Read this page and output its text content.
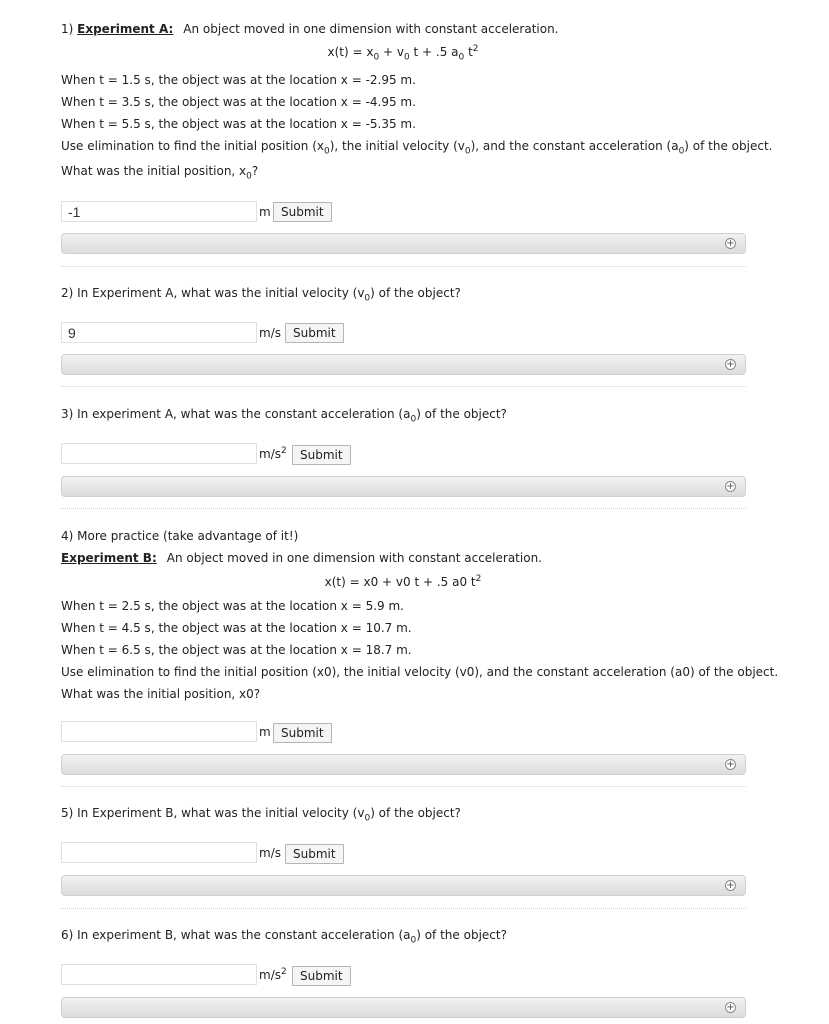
1) Experiment A: An object moved in one dimension with constant acceleration.
$x(t) = x_0 + v_0$ t + .5 $a_0$ $t^2$
When t = 1.5 s, the object was at the location x = -2.95 m.
When t = 3.5 s, the object was at the location x = -4.95 m.
When t = 5.5 s, the object was at the location x = -5.35 m.
Use elimination to find the initial position $(x_0)$, the initial velocity $(v_0)$, and the constant acceleration $(a_0)$ of the object.
What was the initial position, $x_0$?
-1
m Submit
+
2) In Experiment A, what was the initial velocity $(v_0)$ of the object?
9
m/s	Submit
+
3) In experiment A, what was the constant acceleration $(a_0)$ of the object?
$m/s^2$	Submit
+
4) More practice (take advantage of it!)
Experiment B: An object moved in one dimension with constant acceleration.
x(t) = x0 + v0 t + .5 a0 $t^2$
When t = 2.5 s, the object was at the location x = 5.9 m.
When t = 4.5 s, the object was at the location x = 10.7 m.
When t = 6.5 s, the object was at the location x = 18.7 m.
Use elimination to find the initial position (x0), the initial velocity (v0), and the constant acceleration (a0) of the object.
What was the initial position, x0?
m Submit
+
5) In Experiment B, what was the initial velocity $(v_0)$ of the object?
m/s	Submit
+
6) In experiment B, what was the constant acceleration $(a_0)$ of the object?
$m/s^2$	Submit
+
